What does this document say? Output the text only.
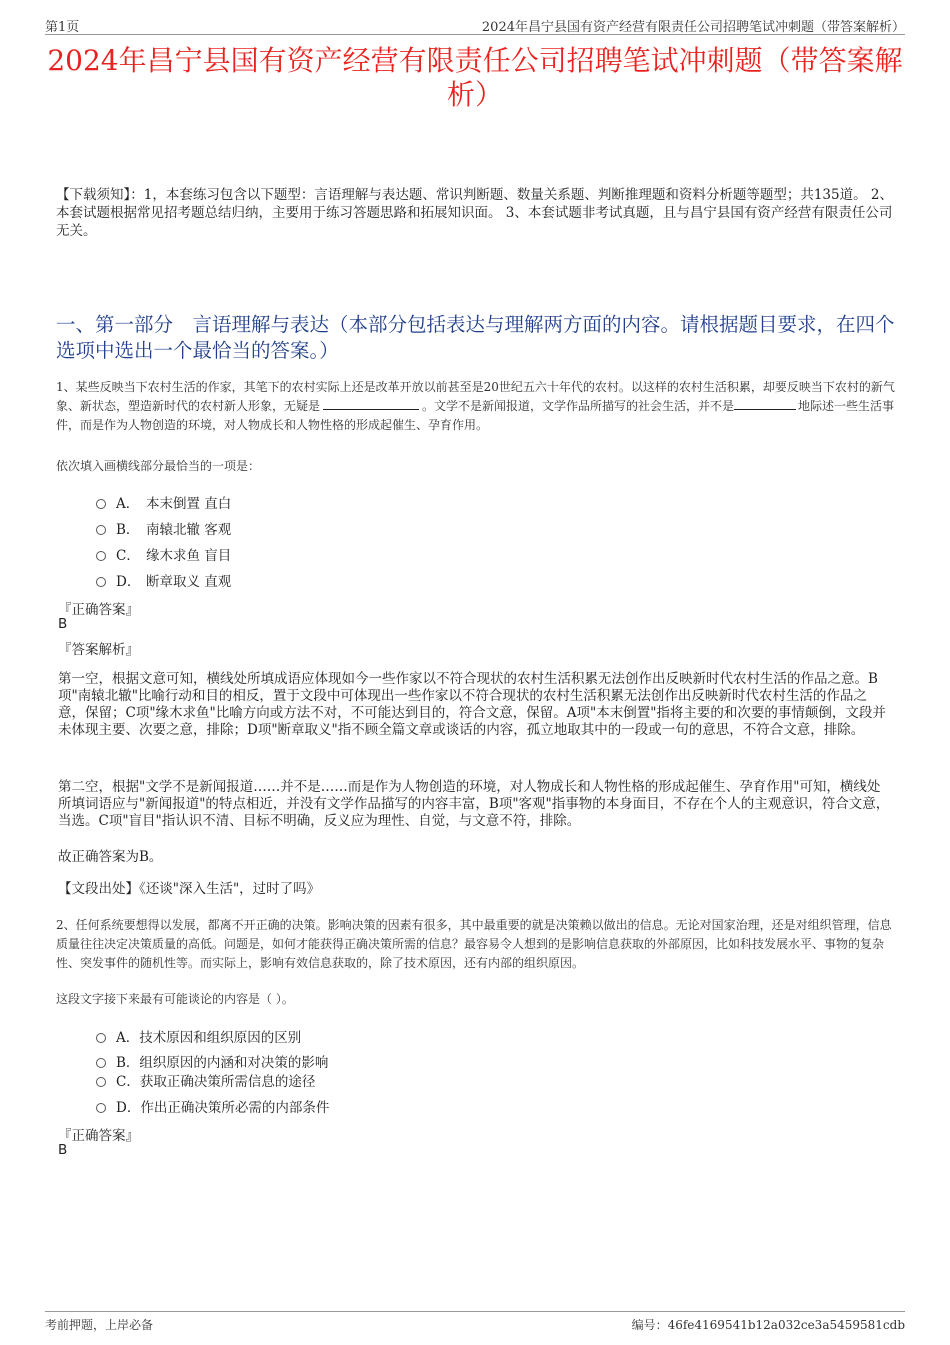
第1页	2024年昌宁县国有资产经营有限责任公司招聘笔试冲刺题（带答案解析）
2024年昌宁县国有资产经营有限责任公司招聘笔试冲刺题（带答案解析）
【下载须知】：1，本套练习包含以下题型：言语理解与表达题、常识判断题、数量关系题、判断推理题和资料分析题等题型；共135道。 2、本套试题根据常见招考题总结归纳，主要用于练习答题思路和拓展知识面。 3、本套试题非考试真题，且与昌宁县国有资产经营有限责任公司无关。
一、第一部分　言语理解与表达（本部分包括表达与理解两方面的内容。请根据题目要求，在四个选项中选出一个最恰当的答案。）
1、某些反映当下农村生活的作家，其笔下的农村实际上还是改革开放以前甚至是20世纪五六十年代的农村。以这样的农村生活积累，却要反映当下农村的新气象、新状态，塑造新时代的农村新人形象，无疑是	。文学不是新闻报道，文学作品所描写的社会生活，并不是	地际述一些生活事件，而是作为人物创造的环境，对人物成长和人物性格的形成起催生、孕育作用。
依次填入画横线部分最恰当的一项是：
A． 本末倒置 直白
B． 南辕北辙 客观
C． 缘木求鱼 盲目
D． 断章取义 直观
『正确答案』
B
『答案解析』
第一空，根据文意可知，横线处所填成语应体现如今一些作家以不符合现状的农村生活积累无法创作出反映新时代农村生活的作品之意。B项"南辕北辙"比喻行动和目的相反，置于文段中可体现出一些作家以不符合现状的农村生活积累无法创作出反映新时代农村生活的作品之意，保留；C项"缘木求鱼"比喻方向或方法不对，不可能达到目的，符合文意，保留。A项"本末倒置"指将主要的和次要的事情颠倒，文段并未体现主要、次要之意，排除；D项"断章取义"指不顾全篇文章或谈话的内容，孤立地取其中的一段或一句的意思，不符合文意，排除。
第二空，根据"文学不是新闻报道……并不是……而是作为人物创造的环境，对人物成长和人物性格的形成起催生、孕育作用"可知，横线处所填词语应与"新闻报道"的特点相近，并没有文学作品描写的内容丰富，B项"客观"指事物的本身面目，不存在个人的主观意识，符合文意，当选。C项"盲目"指认识不清、目标不明确，反义应为理性、自觉，与文意不符，排除。
故正确答案为B。
【文段出处】《还谈"深入生活"，过时了吗》
2、任何系统要想得以发展，都离不开正确的决策。影响决策的因素有很多，其中最重要的就是决策赖以做出的信息。无论对国家治理，还是对组织管理，信息质量往往决定决策质量的高低。问题是，如何才能获得正确决策所需的信息？最容易令人想到的是影响信息获取的外部原因，比如科技发展水平、事物的复杂性、突发事件的随机性等。而实际上，影响有效信息获取的，除了技术原因，还有内部的组织原因。
这段文字接下来最有可能谈论的内容是（ ）。
A． 技术原因和组织原因的区别
B． 组织原因的内涵和对决策的影响
C． 获取正确决策所需信息的途径
D． 作出正确决策所必需的内部条件
『正确答案』
B
考前押题，上岸必备	编号：46fe4169541b12a032ce3a5459581cdb
